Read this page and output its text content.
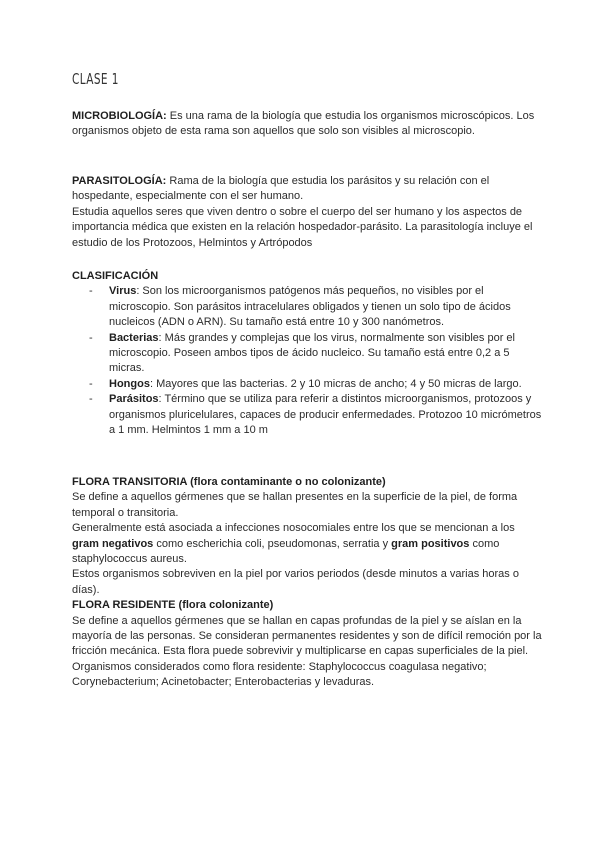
CLASE 1

MICROBIOLOGÍA: Es una rama de la biología que estudia los organismos microscópicos. Los organismos objeto de esta rama son aquellos que solo son visibles al microscopio.

PARASITOLOGÍA: Rama de la biología que estudia los parásitos y su relación con el hospedante, especialmente con el ser humano.

Estudia aquellos seres que viven dentro o sobre el cuerpo del ser humano y los aspectos de importancia médica que existen en la relación hospedador-parásito. La parasitología incluye el estudio de los Protozoos, Helmintos y Artrópodos

CLASIFICACIÓN

- Virus: Son los microorganismos patógenos más pequeños, no visibles por el microscopio. Son parásitos intracelulares obligados y tienen un solo tipo de ácidos nucleicos (ADN o ARN). Su tamaño está entre 10 y 300 nanómetros.
- Bacterias: Más grandes y complejas que los virus, normalmente son visibles por el microscopio. Poseen ambos tipos de ácido nucleico. Su tamaño está entre 0,2 a 5 micras.
- Hongos: Mayores que las bacterias. 2 y 10 micras de ancho; 4 y 50 micras de largo.
- Parásitos: Término que se utiliza para referir a distintos microorganismos, protozoos y organismos pluricelulares, capaces de producir enfermedades. Protozoo 10 micrómetros a 1 mm. Helmintos 1 mm a 10 m

FLORA TRANSITORIA (flora contaminante o no colonizante)

Se define a aquellos gérmenes que se hallan presentes en la superficie de la piel, de forma temporal o transitoria.

Generalmente está asociada a infecciones nosocomiales entre los que se mencionan a los gram negativos como escherichia coli, pseudomonas, serratia y gram positivos como staphylococcus aureus.

Estos organismos sobreviven en la piel por varios periodos (desde minutos a varias horas o días).

FLORA RESIDENTE (flora colonizante)

Se define a aquellos gérmenes que se hallan en capas profundas de la piel y se aíslan en la mayoría de las personas. Se consideran permanentes residentes y son de difícil remoción por la fricción mecánica. Esta flora puede sobrevivir y multiplicarse en capas superficiales de la piel.

Organismos considerados como flora residente: Staphylococcus coagulasa negativo; Corynebacterium; Acinetobacter; Enterobacterias y levaduras.
